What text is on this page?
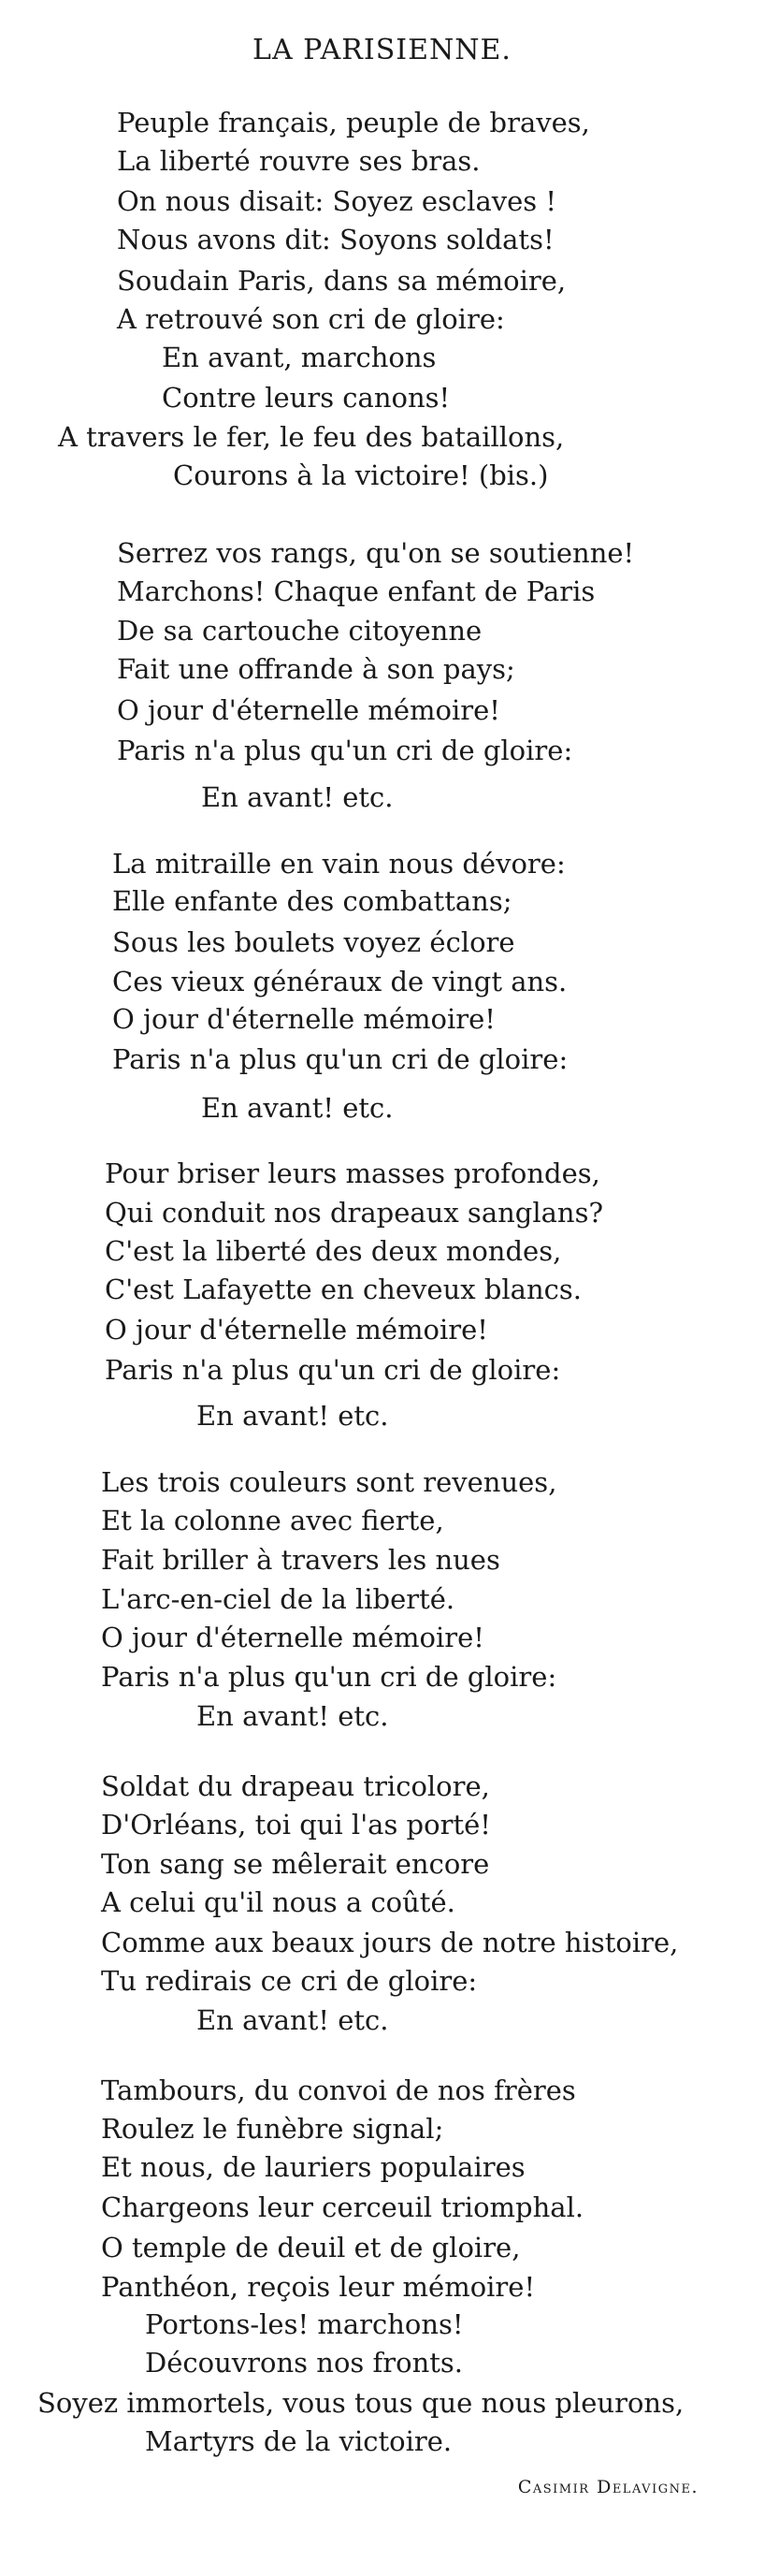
LA PARISIENNE.
Peuple français, peuple de braves,
La liberté rouvre ses bras.
On nous disait: Soyez esclaves !
Nous avons dit: Soyons soldats!
Soudain Paris, dans sa mémoire,
A retrouvé son cri de gloire:
En avant, marchons
Contre leurs canons!
A travers le fer, le feu des bataillons,
Courons à la victoire! (bis.)
Serrez vos rangs, qu'on se soutienne!
Marchons! Chaque enfant de Paris
De sa cartouche citoyenne
Fait une offrande à son pays;
O jour d'éternelle mémoire!
Paris n'a plus qu'un cri de gloire:
En avant! etc.
La mitraille en vain nous dévore:
Elle enfante des combattans;
Sous les boulets voyez éclore
Ces vieux généraux de vingt ans.
O jour d'éternelle mémoire!
Paris n'a plus qu'un cri de gloire:
En avant! etc.
Pour briser leurs masses profondes,
Qui conduit nos drapeaux sanglans?
C'est la liberté des deux mondes,
C'est Lafayette en cheveux blancs.
O jour d'éternelle mémoire!
Paris n'a plus qu'un cri de gloire:
En avant! etc.
Les trois couleurs sont revenues,
Et la colonne avec fierte,
Fait briller à travers les nues
L'arc-en-ciel de la liberté.
O jour d'éternelle mémoire!
Paris n'a plus qu'un cri de gloire:
En avant! etc.
Soldat du drapeau tricolore,
D'Orléans, toi qui l'as porté!
Ton sang se mêlerait encore
A celui qu'il nous a coûté.
Comme aux beaux jours de notre histoire,
Tu redirais ce cri de gloire:
En avant! etc.
Tambours, du convoi de nos frères
Roulez le funèbre signal;
Et nous, de lauriers populaires
Chargeons leur cerceuil triomphal.
O temple de deuil et de gloire,
Panthéon, reçois leur mémoire!
Portons-les! marchons!
Découvrons nos fronts.
Soyez immortels, vous tous que nous pleurons,
Martyrs de la victoire.
Casimir Delavigne.
